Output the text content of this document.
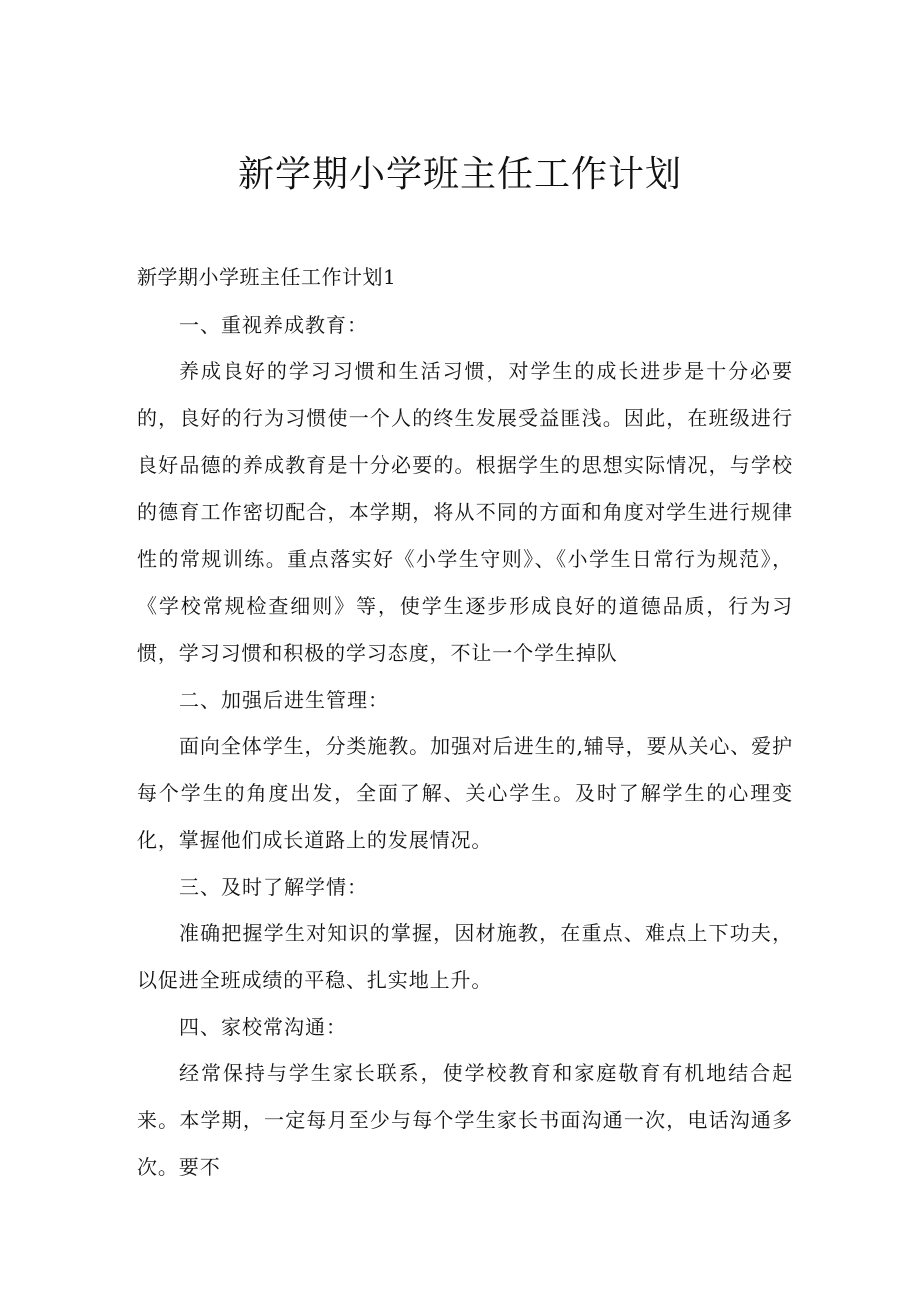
新学期小学班主任工作计划

新学期小学班主任工作计划1

一、重视养成教育：

养成良好的学习习惯和生活习惯，对学生的成长进步是十分必要的，良好的行为习惯使一个人的终生发展受益匪浅。因此，在班级进行良好品德的养成教育是十分必要的。根据学生的思想实际情况，与学校的德育工作密切配合，本学期，将从不同的方面和角度对学生进行规律性的常规训练。重点落实好《小学生守则》、《小学生日常行为规范》，《学校常规检查细则》等，使学生逐步形成良好的道德品质，行为习惯，学习习惯和积极的学习态度，不让一个学生掉队

二、加强后进生管理：

面向全体学生，分类施教。加强对后进生的,辅导，要从关心、爱护每个学生的角度出发，全面了解、关心学生。及时了解学生的心理变化，掌握他们成长道路上的发展情况。

三、及时了解学情：

准确把握学生对知识的掌握，因材施教，在重点、难点上下功夫，以促进全班成绩的平稳、扎实地上升。

四、家校常沟通：

经常保持与学生家长联系，使学校教育和家庭敬育有机地结合起来。本学期，一定每月至少与每个学生家长书面沟通一次，电话沟通多次。要不
